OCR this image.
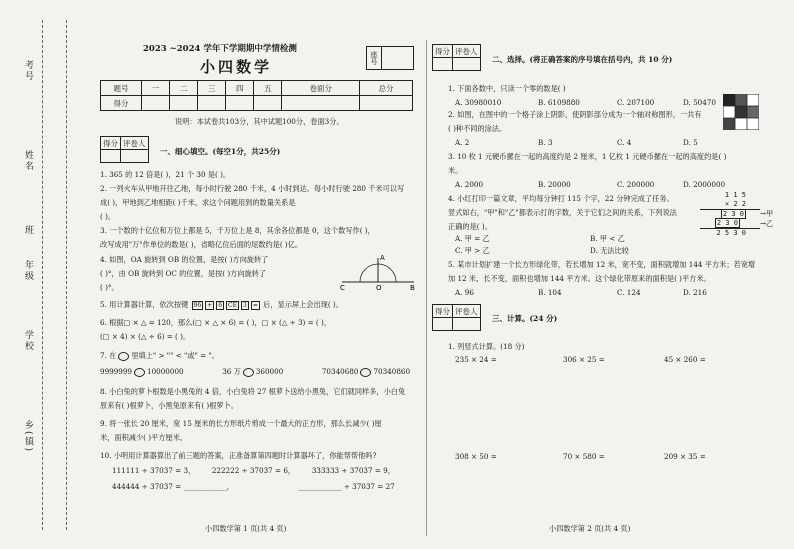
考号
姓名
班
年级
学校
乡(镇)
2023 ~2024 学年下学期期中学情检测
小四数学	座号
题号	一	二	三	四	五	卷面分	总分
得分							
说明：本试卷共103分，其中试题100分，卷面3分。
得分	评卷人

一、细心填空。(每空1分，共25分)
1. 365 的 12 倍是( )，21 个 30 是( )。
2. 一列火车从甲地开往乙地，每小时行驶 280 千米，4 小时到达。每小时行驶 280 千米可以写
成( )，甲地到乙地相距( )千米，求这个问题用到的数量关系是
( )。
3. 一个数的十亿位和万位上都是 5，千万位上是 8，其余各位都是 0，这个数写作( )，
改写成用"万"作单位的数是( )，省略亿位后面的尾数约是( )亿。
4. 如图，OA 旋转到 OB 的位置，是按( )方向旋转了
( )°，由 OB 旋转到 OC 的位置，是按( )方向旋转了
( )°。
A
C	B
O
5. 用计算器计算，依次按键 96 + 6 CE 3 = 后，显示屏上会出现( )。
6. 根据□ × △ = 120，那么(□ × △ × 6) = ( )，□ × (△ ÷ 3) = ( )，
(□ × 4) × (△ ÷ 6) = ( )。
7. 在 里填上" > "" < "或" = "。
9999999 10000000	36 万 360000	70340680 70340860
8. 小白兔的萝卜根数是小黑兔的 4 倍，小白兔将 27 根萝卜送给小黑兔，它们就同样多，小白兔
原来有( )根萝卜，小黑兔原来有( )根萝卜。
9. 将一张长 20 厘米，宽 15 厘米的长方形纸片剪成一个最大的正方形，那么长减少( )厘
米，面积减少( )平方厘米。
10. 小明用计算器算出了前三题的答案，正准备算第四题时计算器坏了，你能帮帮他吗?
111111 ÷ 37037 = 3， 222222 ÷ 37037 = 6， 333333 ÷ 37037 = 9，
444444 ÷ 37037 = ____________，	____________ ÷ 37037 = 27
小四数学第 1 页(共 4 页)
得分	评卷人

二、选择。(将正确答案的序号填在括号内，共 10 分)
1. 下面各数中，只读一个零的数是( )
A. 30980010	B. 6109880	C. 207100	D. 50470
2. 如图，在图中的一个格子涂上阴影，使阴影部分成为一个轴对称图形，一共有
( )种不同的涂法。
A. 2	B. 3	C. 4	D. 5
3. 10 枚 1 元硬币摞在一起的高度约是 2 厘米，1 亿枚 1 元硬币摞在一起的高度约是( )
米。
A. 2000	B. 20000	C. 200000	D. 2000000
4. 小红打印一篇文章，平均每分钟打 115 个字，22 分钟完成了任务。
竖式如右，"甲"和"乙"都表示打的字数，关于它们之间的关系，下列说法
正确的是( )。
1 1 5
× 2 2
2 3 0
2 3 0
2 5 3 0
→甲
→乙
A. 甲 = 乙	B. 甲 < 乙
C. 甲 > 乙	D. 无法比较
5. 某市计划扩建一个长方形绿化带，若长增加 12 米，宽不变，面积就增加 144 平方米；若宽增
加 12 米，长不变，面积也增加 144 平方米。这个绿化带原来的面积是( )平方米。
A. 96	B. 104	C. 124	D. 216
得分	评卷人

三、计算。(24 分)
1. 列竖式计算。(18 分)
235 × 24 =	306 × 25 =	45 × 260 =
308 × 50 =	70 × 580 =	209 × 35 =
小四数学第 2 页(共 4 页)
